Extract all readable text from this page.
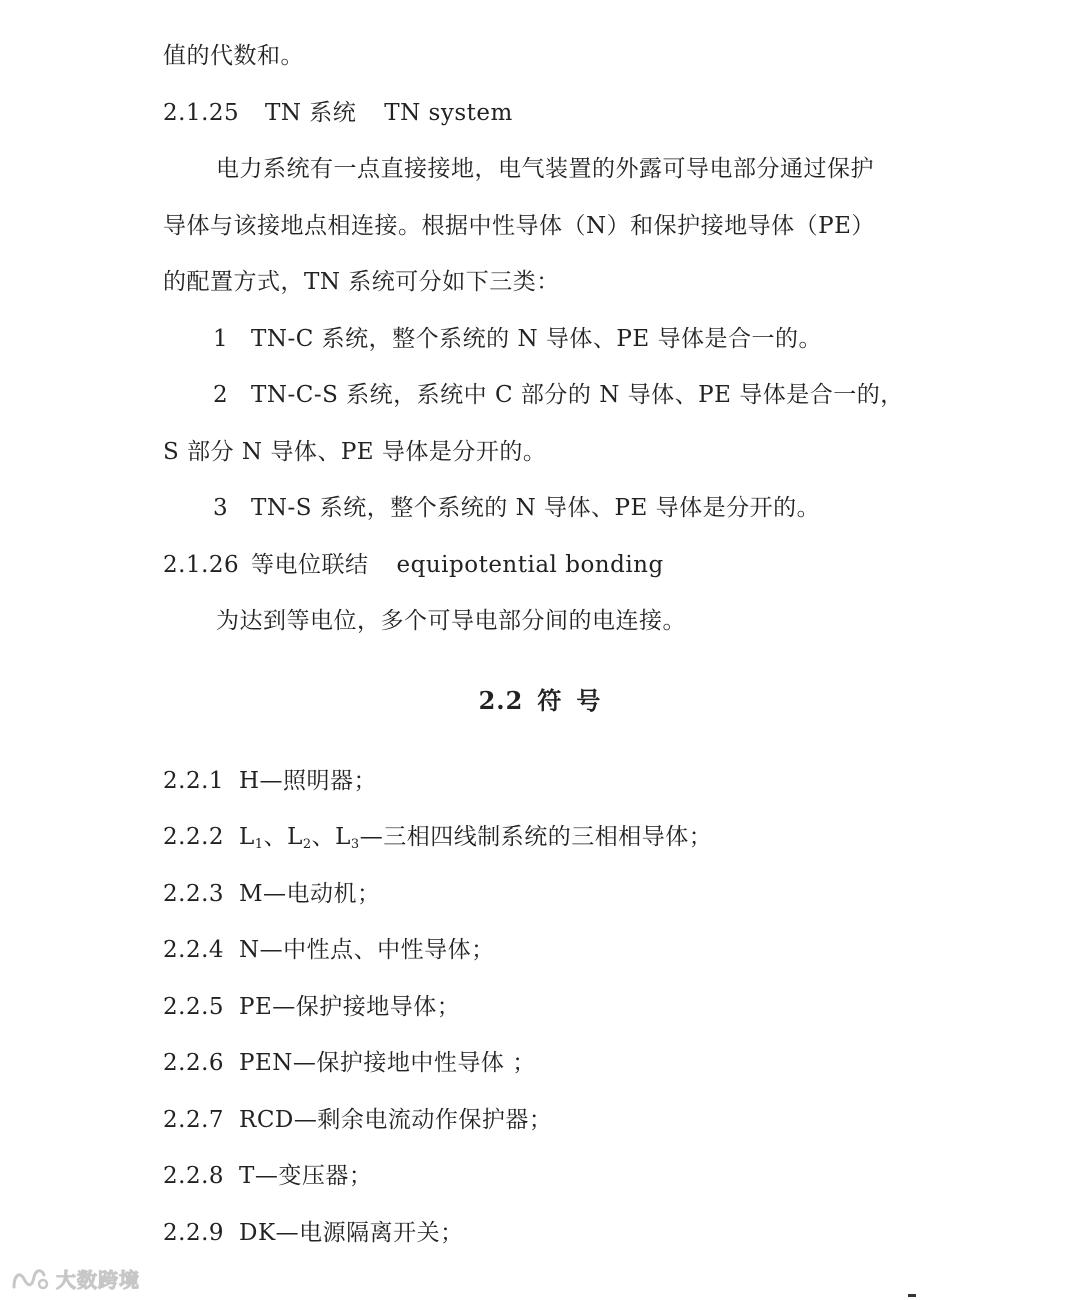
值的代数和。
2.1.25 TN 系统 TN system
电力系统有一点直接接地，电气装置的外露可导电部分通过保护
导体与该接地点相连接。根据中性导体（N）和保护接地导体（PE）
的配置方式，TN 系统可分如下三类：
1 TN-C 系统，整个系统的 N 导体、PE 导体是合一的。
2 TN-C-S 系统，系统中 C 部分的 N 导体、PE 导体是合一的，
S 部分 N 导体、PE 导体是分开的。
3 TN-S 系统，整个系统的 N 导体、PE 导体是分开的。
2.1.26 等电位联结 equipotential bonding
为达到等电位，多个可导电部分间的电连接。
2.2 符 号
2.2.1 H—照明器；
2.2.2 $L_1$、$L_2$、$L_3—$三相四线制系统的三相相导体；
2.2.3 M—电动机；
2.2.4 N—中性点、中性导体；
2.2.5 PE—保护接地导体；
2.2.6 PEN—保护接地中性导体 ；
2.2.7 RCD—剩余电流动作保护器；
2.2.8 T—变压器；
2.2.9 DK—电源隔离开关；
大数跨境
